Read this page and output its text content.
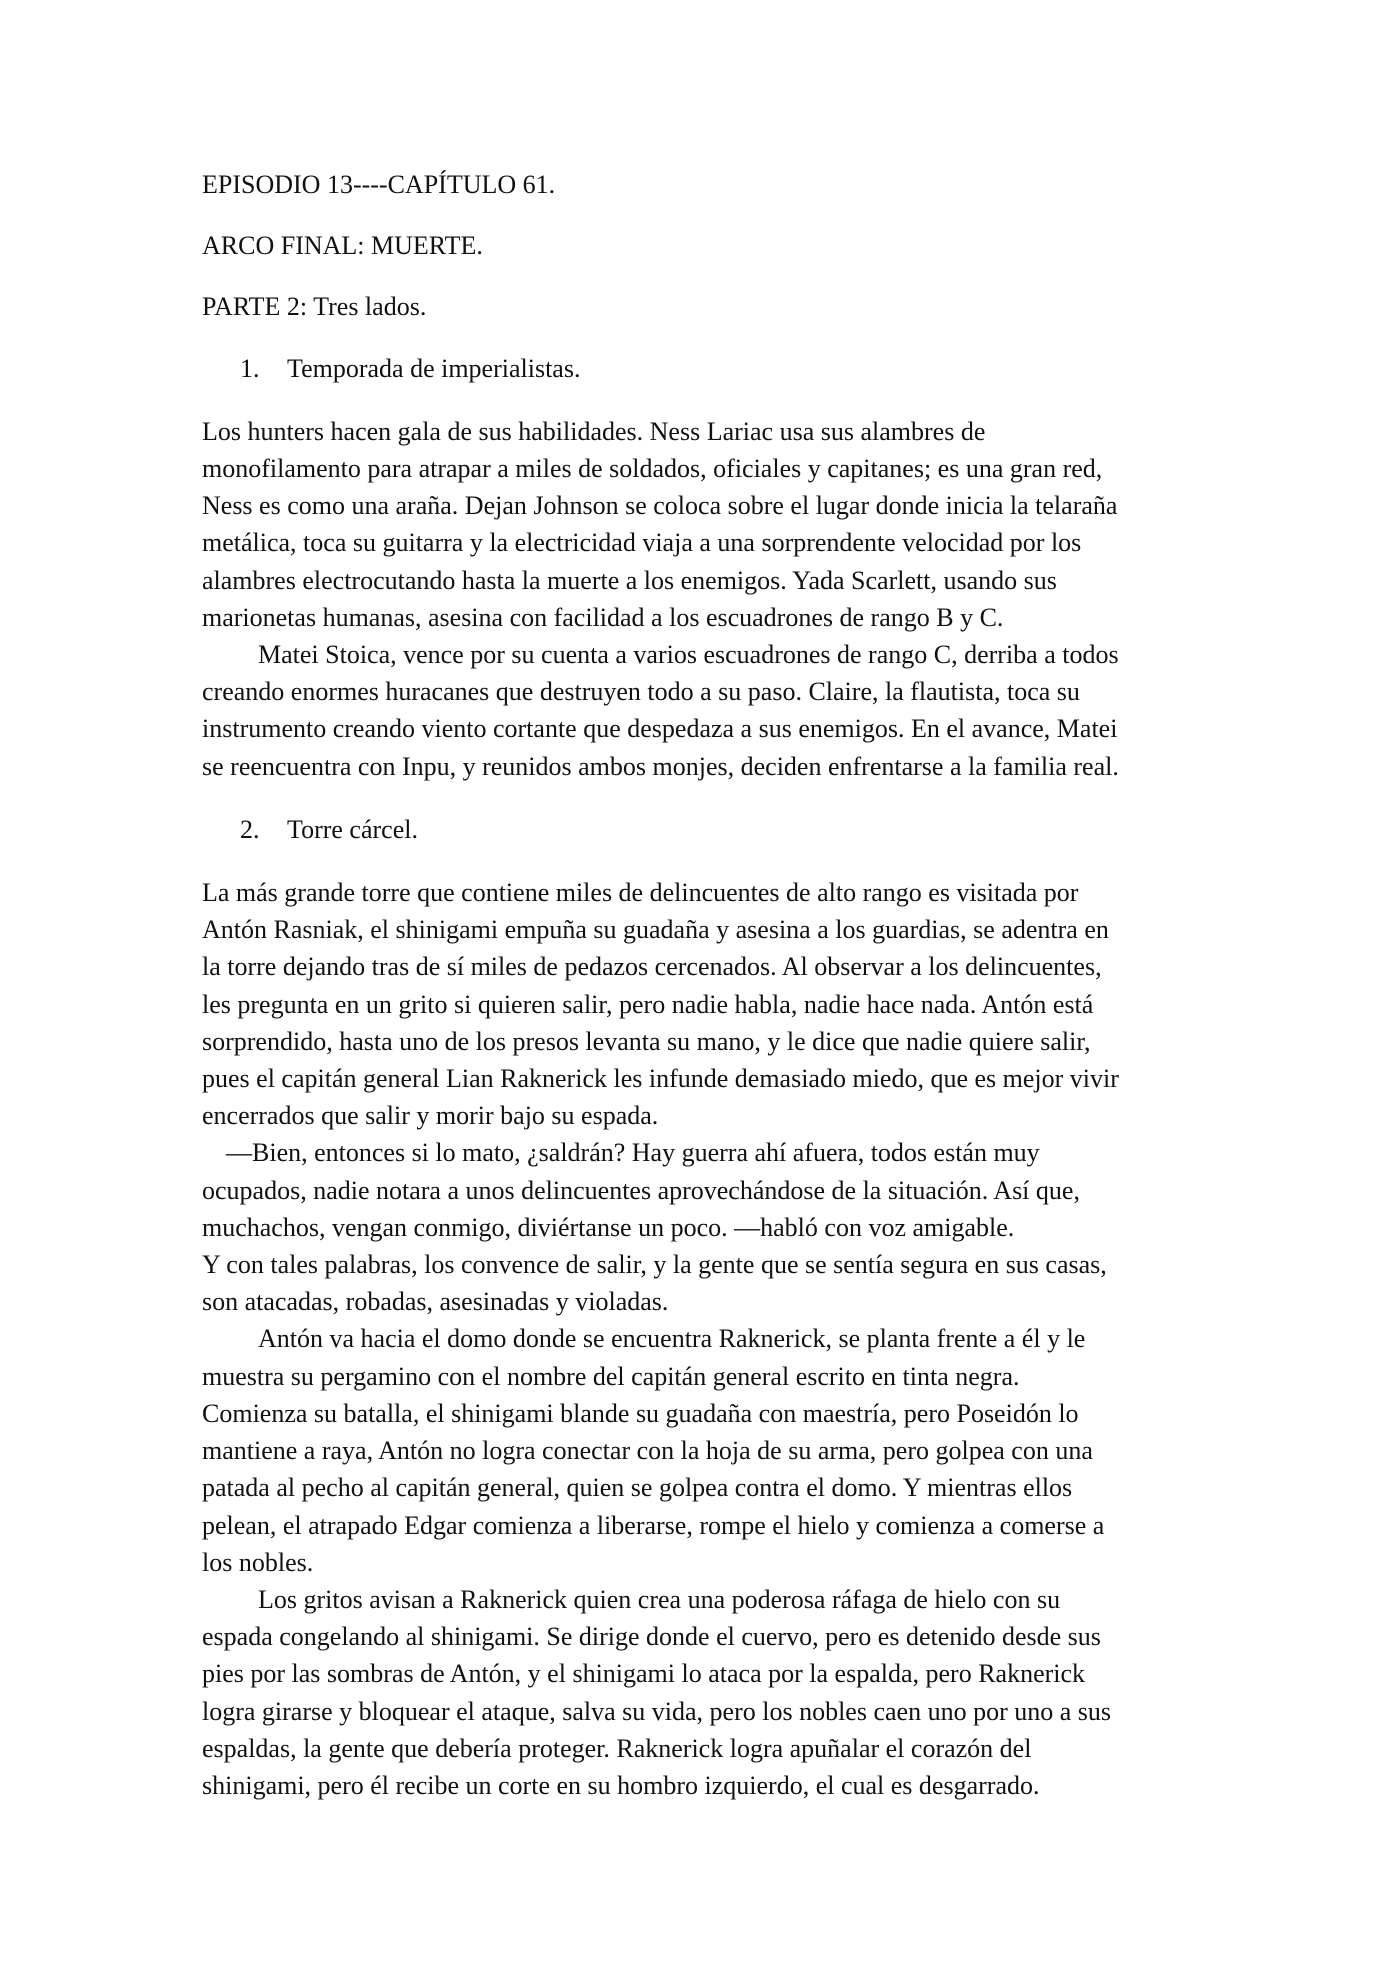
EPISODIO 13----CAPÍTULO 61.
ARCO FINAL: MUERTE.
PARTE 2: Tres lados.
1. Temporada de imperialistas.
Los hunters hacen gala de sus habilidades. Ness Lariac usa sus alambres de
monofilamento para atrapar a miles de soldados, oficiales y capitanes; es una gran red,
Ness es como una araña. Dejan Johnson se coloca sobre el lugar donde inicia la telaraña
metálica, toca su guitarra y la electricidad viaja a una sorprendente velocidad por los
alambres electrocutando hasta la muerte a los enemigos. Yada Scarlett, usando sus
marionetas humanas, asesina con facilidad a los escuadrones de rango B y C.
Matei Stoica, vence por su cuenta a varios escuadrones de rango C, derriba a todos
creando enormes huracanes que destruyen todo a su paso. Claire, la flautista, toca su
instrumento creando viento cortante que despedaza a sus enemigos. En el avance, Matei
se reencuentra con Inpu, y reunidos ambos monjes, deciden enfrentarse a la familia real.
2. Torre cárcel.
La más grande torre que contiene miles de delincuentes de alto rango es visitada por
Antón Rasniak, el shinigami empuña su guadaña y asesina a los guardias, se adentra en
la torre dejando tras de sí miles de pedazos cercenados. Al observar a los delincuentes,
les pregunta en un grito si quieren salir, pero nadie habla, nadie hace nada. Antón está
sorprendido, hasta uno de los presos levanta su mano, y le dice que nadie quiere salir,
pues el capitán general Lian Raknerick les infunde demasiado miedo, que es mejor vivir
encerrados que salir y morir bajo su espada.
—Bien, entonces si lo mato, ¿saldrán? Hay guerra ahí afuera, todos están muy
ocupados, nadie notara a unos delincuentes aprovechándose de la situación. Así que,
muchachos, vengan conmigo, diviértanse un poco. —habló con voz amigable.
Y con tales palabras, los convence de salir, y la gente que se sentía segura en sus casas,
son atacadas, robadas, asesinadas y violadas.
Antón va hacia el domo donde se encuentra Raknerick, se planta frente a él y le
muestra su pergamino con el nombre del capitán general escrito en tinta negra.
Comienza su batalla, el shinigami blande su guadaña con maestría, pero Poseidón lo
mantiene a raya, Antón no logra conectar con la hoja de su arma, pero golpea con una
patada al pecho al capitán general, quien se golpea contra el domo. Y mientras ellos
pelean, el atrapado Edgar comienza a liberarse, rompe el hielo y comienza a comerse a
los nobles.
Los gritos avisan a Raknerick quien crea una poderosa ráfaga de hielo con su
espada congelando al shinigami. Se dirige donde el cuervo, pero es detenido desde sus
pies por las sombras de Antón, y el shinigami lo ataca por la espalda, pero Raknerick
logra girarse y bloquear el ataque, salva su vida, pero los nobles caen uno por uno a sus
espaldas, la gente que debería proteger. Raknerick logra apuñalar el corazón del
shinigami, pero él recibe un corte en su hombro izquierdo, el cual es desgarrado.
